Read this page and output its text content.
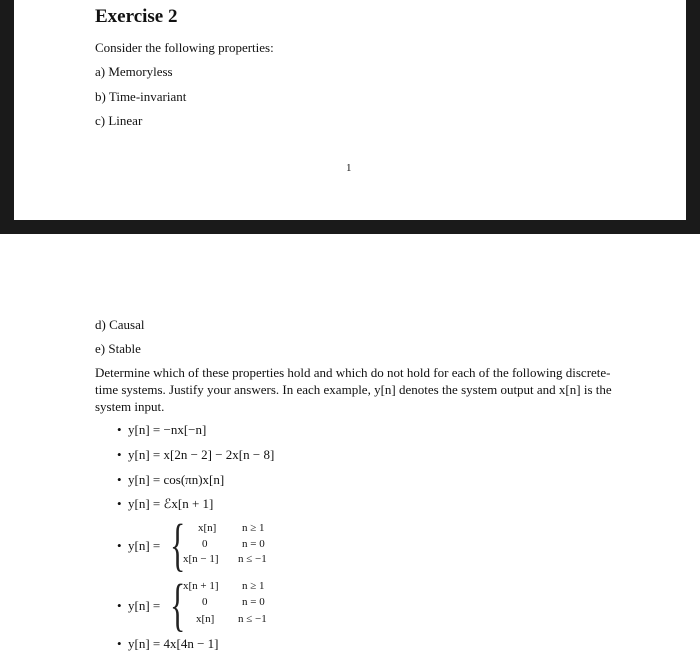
Exercise 2
Consider the following properties:
a) Memoryless
b) Time-invariant
c) Linear
1
d) Causal
e) Stable
Determine which of these properties hold and which do not hold for each of the following discrete-time systems. Justify your answers. In each example, y[n] denotes the system output and x[n] is the system input.
• y[n] = −nx[−n]
• y[n] = x[2n − 2] − 2x[n − 8]
• y[n] = cos(πn)x[n]
• y[n] = ℰx[n + 1]
• y[n] = { x[n] n ≥ 1
0	n = 0
x[n − 1] n ≤ −1
• y[n] = {
x[n + 1] n ≥ 1
0	n = 0
x[n] n ≤ −1
• y[n] = 4x[4n − 1]
